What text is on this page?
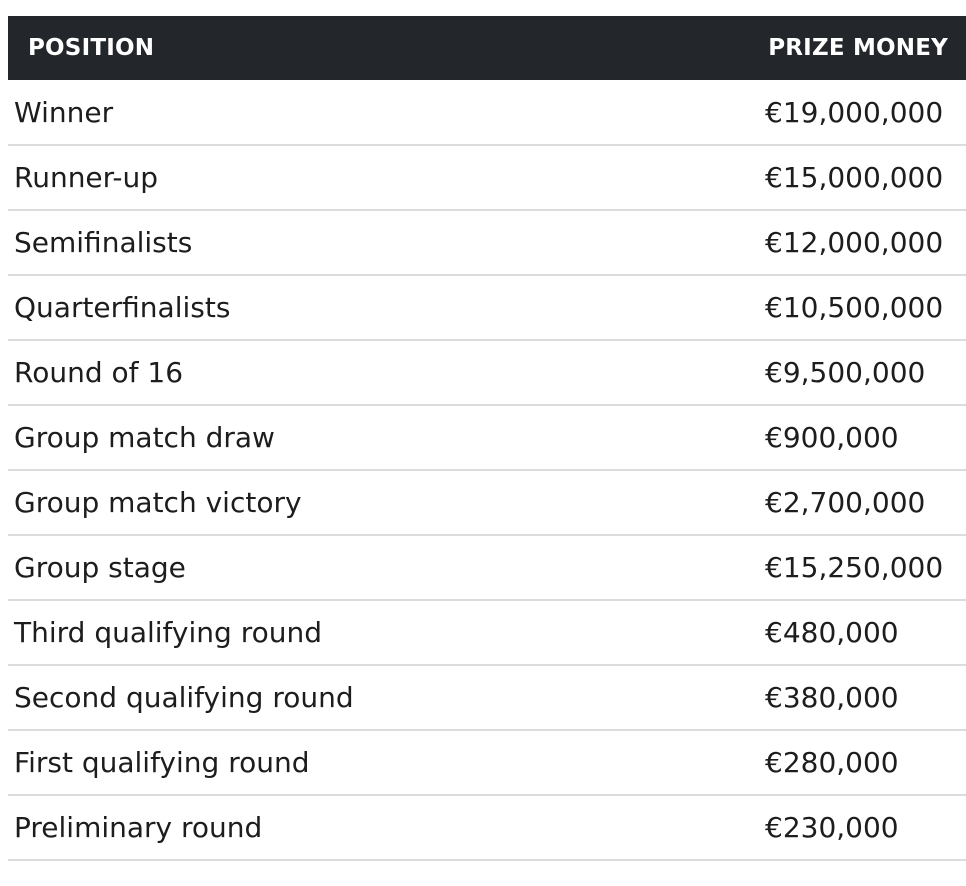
POSITION	PRIZE MONEY
Winner	€19,000,000
Runner-up	€15,000,000
Semifinalists	€12,000,000
Quarterfinalists	€10,500,000
Round of 16	€9,500,000
Group match draw	€900,000
Group match victory	€2,700,000
Group stage	€15,250,000
Third qualifying round	€480,000
Second qualifying round	€380,000
First qualifying round	€280,000
Preliminary round	€230,000
